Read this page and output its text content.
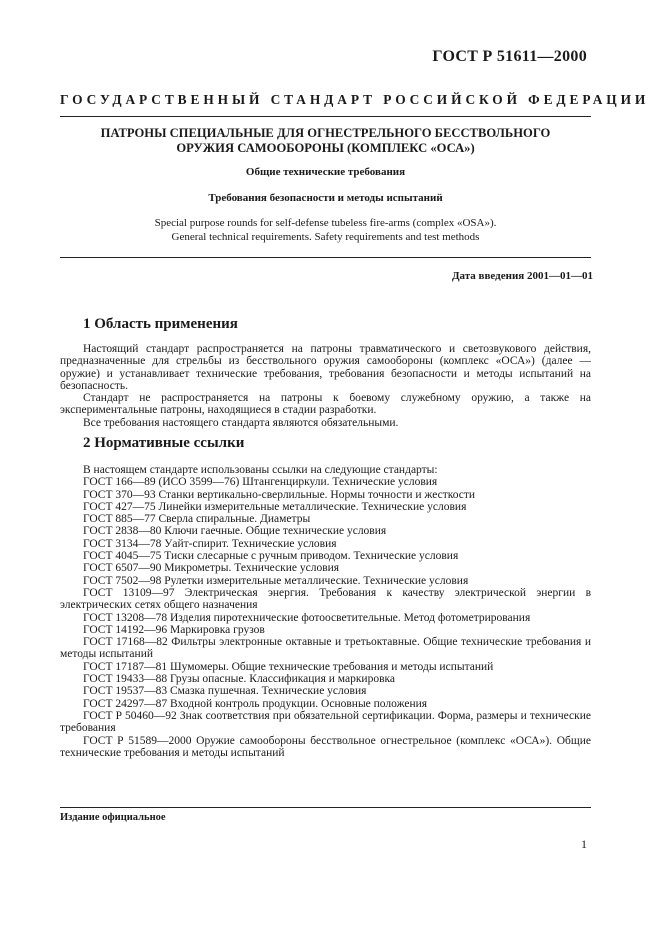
ГОСТ Р 51611—2000
ГОСУДАРСТВЕННЫЙ СТАНДАРТ РОССИЙСКОЙ ФЕДЕРАЦИИ

ПАТРОНЫ СПЕЦИАЛЬНЫЕ ДЛЯ ОГНЕСТРЕЛЬНОГО БЕССТВОЛЬНОГО

ОРУЖИЯ САМООБОРОНЫ (КОМПЛЕКС «ОСА»)

Общие технические требования

Требования безопасности и методы испытаний

Special purpose rounds for self-defense tubeless fire-arms (complex «OSA»).
General technical requirements. Safety requirements and test methods

Дата введения 2001—01—01
1 Область применения

Настоящий стандарт распространяется на патроны травматического и светозвукового действия, предназначенные для стрельбы из бесствольного оружия самообороны (комплекс «ОСА») (далее — оружие) и устанавливает технические требования, требования безопасности и методы испытаний на безопасность.

Стандарт не распространяется на патроны к боевому служебному оружию, а также на экспериментальные патроны, находящиеся в стадии разработки.

Все требования настоящего стандарта являются обязательными.

2 Нормативные ссылки

В настоящем стандарте использованы ссылки на следующие стандарты:

ГОСТ 166—89 (ИСО 3599—76) Штангенциркули. Технические условия

ГОСТ 370—93 Станки вертикально-сверлильные. Нормы точности и жесткости

ГОСТ 427—75 Линейки измерительные металлические. Технические условия

ГОСТ 885—77 Сверла спиральные. Диаметры

ГОСТ 2838—80 Ключи гаечные. Общие технические условия

ГОСТ 3134—78 Уайт-спирит. Технические условия

ГОСТ 4045—75 Тиски слесарные с ручным приводом. Технические условия

ГОСТ 6507—90 Микрометры. Технические условия

ГОСТ 7502—98 Рулетки измерительные металлические. Технические условия

ГОСТ 13109—97 Электрическая энергия. Требования к качеству электрической энергии в электрических сетях общего назначения

ГОСТ 13208—78 Изделия пиротехнические фотоосветительные. Метод фотометрирования

ГОСТ 14192—96 Маркировка грузов

ГОСТ 17168—82 Фильтры электронные октавные и третьоктавные. Общие технические требования и методы испытаний

ГОСТ 17187—81 Шумомеры. Общие технические требования и методы испытаний

ГОСТ 19433—88 Грузы опасные. Классификация и маркировка

ГОСТ 19537—83 Смазка пушечная. Технические условия

ГОСТ 24297—87 Входной контроль продукции. Основные положения

ГОСТ Р 50460—92 Знак соответствия при обязательной сертификации. Форма, размеры и технические требования

ГОСТ Р 51589—2000 Оружие самообороны бесствольное огнестрельное (комплекс «ОСА»). Общие технические требования и методы испытаний

Издание официальное
1
